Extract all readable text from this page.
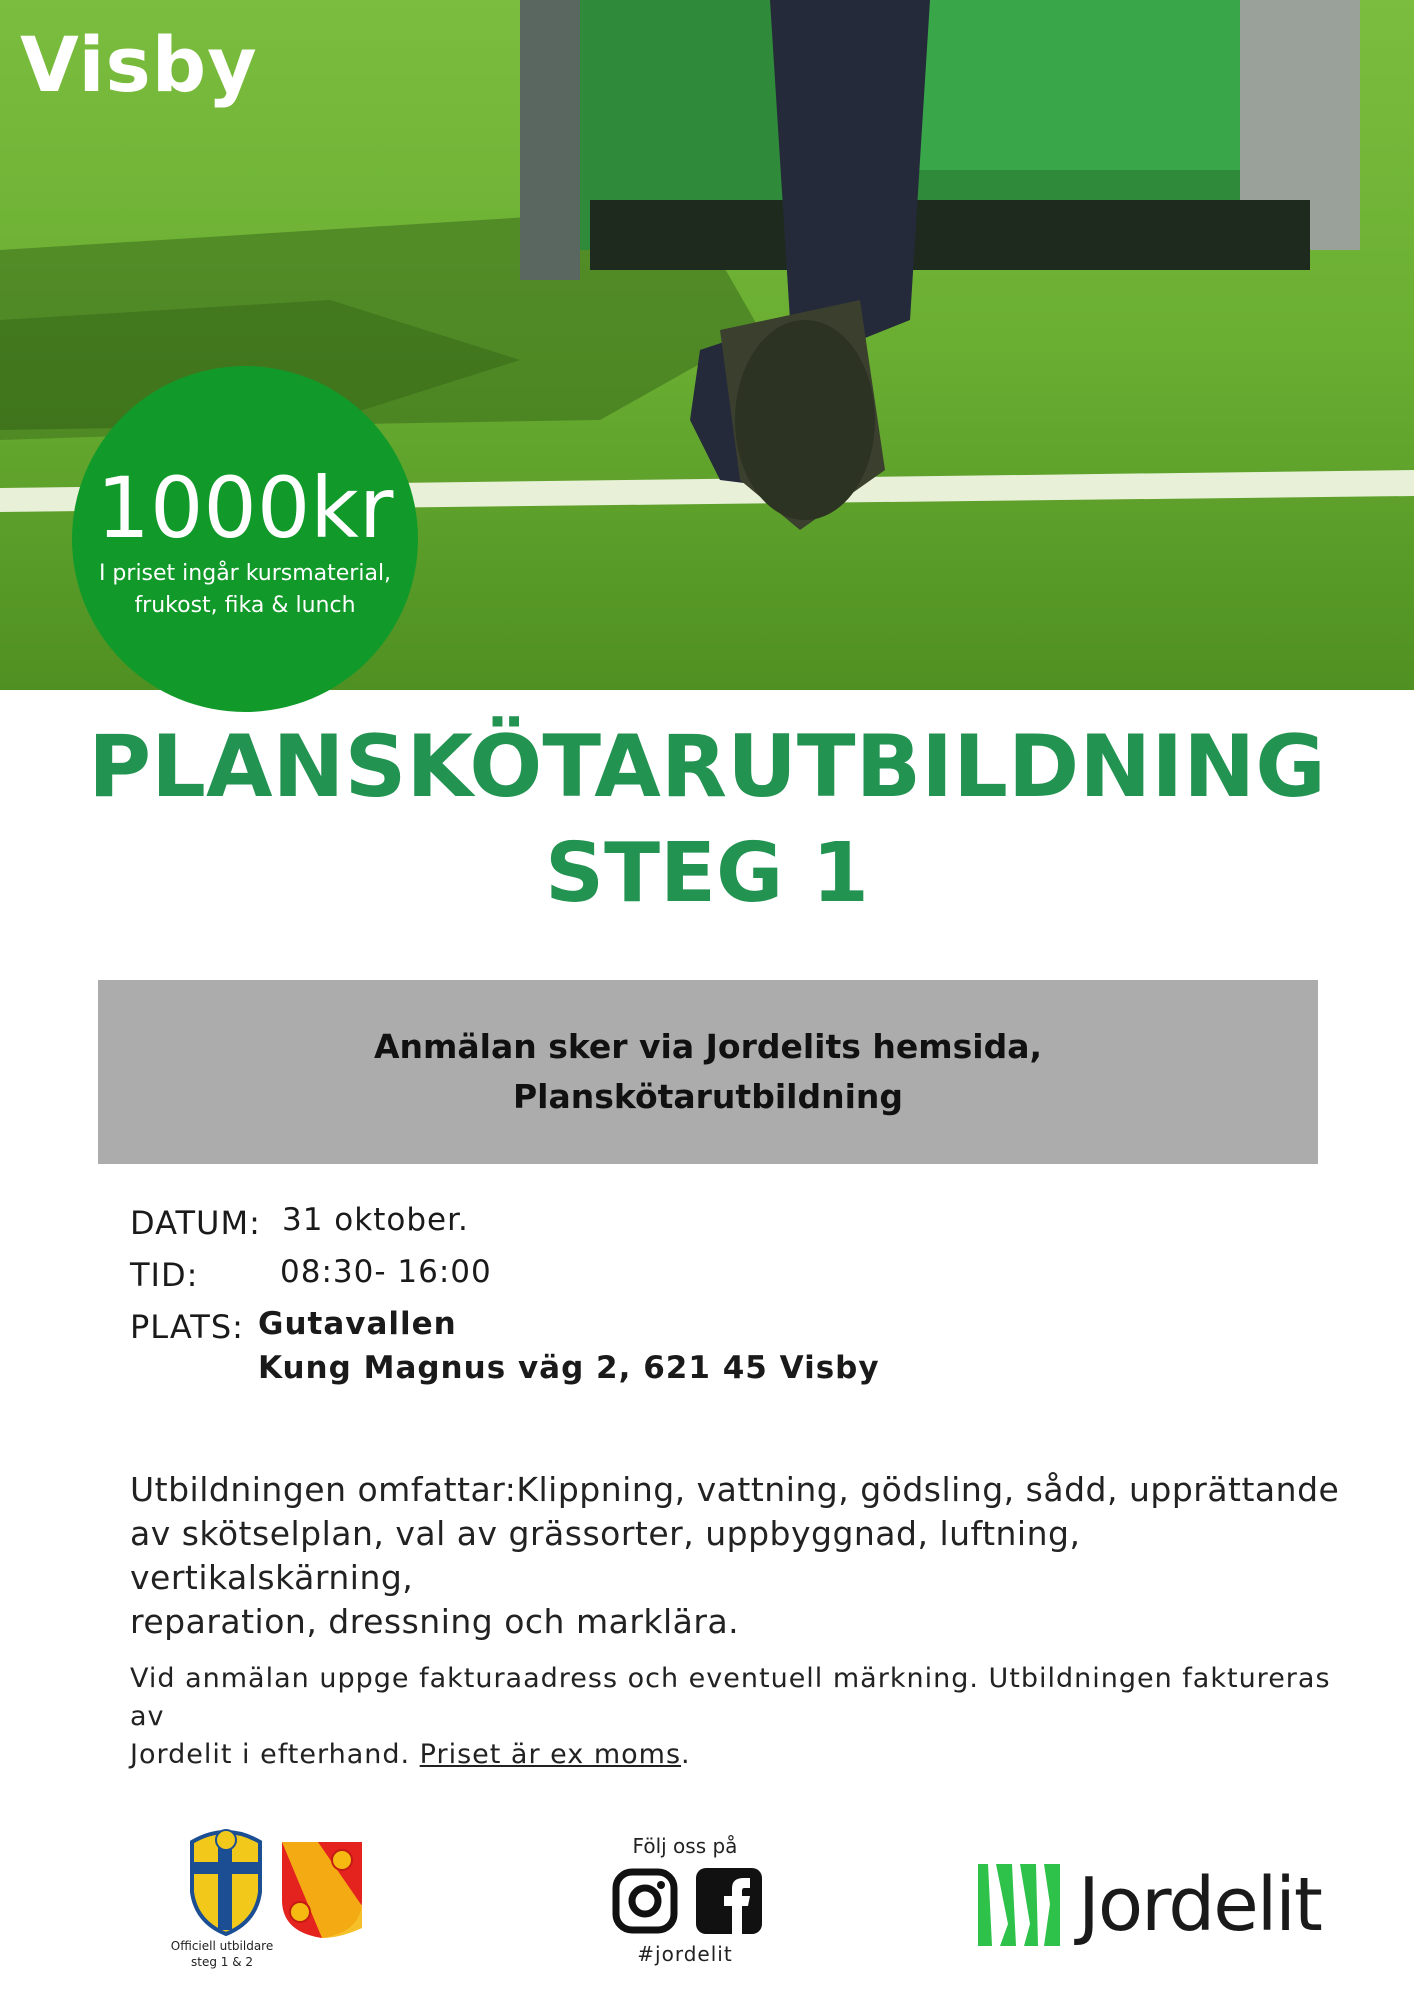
Visby
1000kr
I priset ingår kursmaterial,
frukost, fika & lunch
PLANSKÖTARUTBILDNING
STEG 1
Anmälan sker via Jordelits hemsida,
Planskötarutbildning
DATUM: 31 oktober.
TID:	08:30- 16:00
PLATS: Gutavallen
Kung Magnus väg 2, 621 45 Visby
Utbildningen omfattar:Klippning, vattning, gödsling, sådd, upprättande
av skötselplan, val av grässorter, uppbyggnad, luftning, vertikalskärning,
reparation, dressning och marklära.
Vid anmälan uppge fakturaadress och eventuell märkning. Utbildningen faktureras av
Jordelit i efterhand. Priset är ex moms.
Officiell utbildare
steg 1 & 2
Följ oss på
#jordelit
Jordelit
